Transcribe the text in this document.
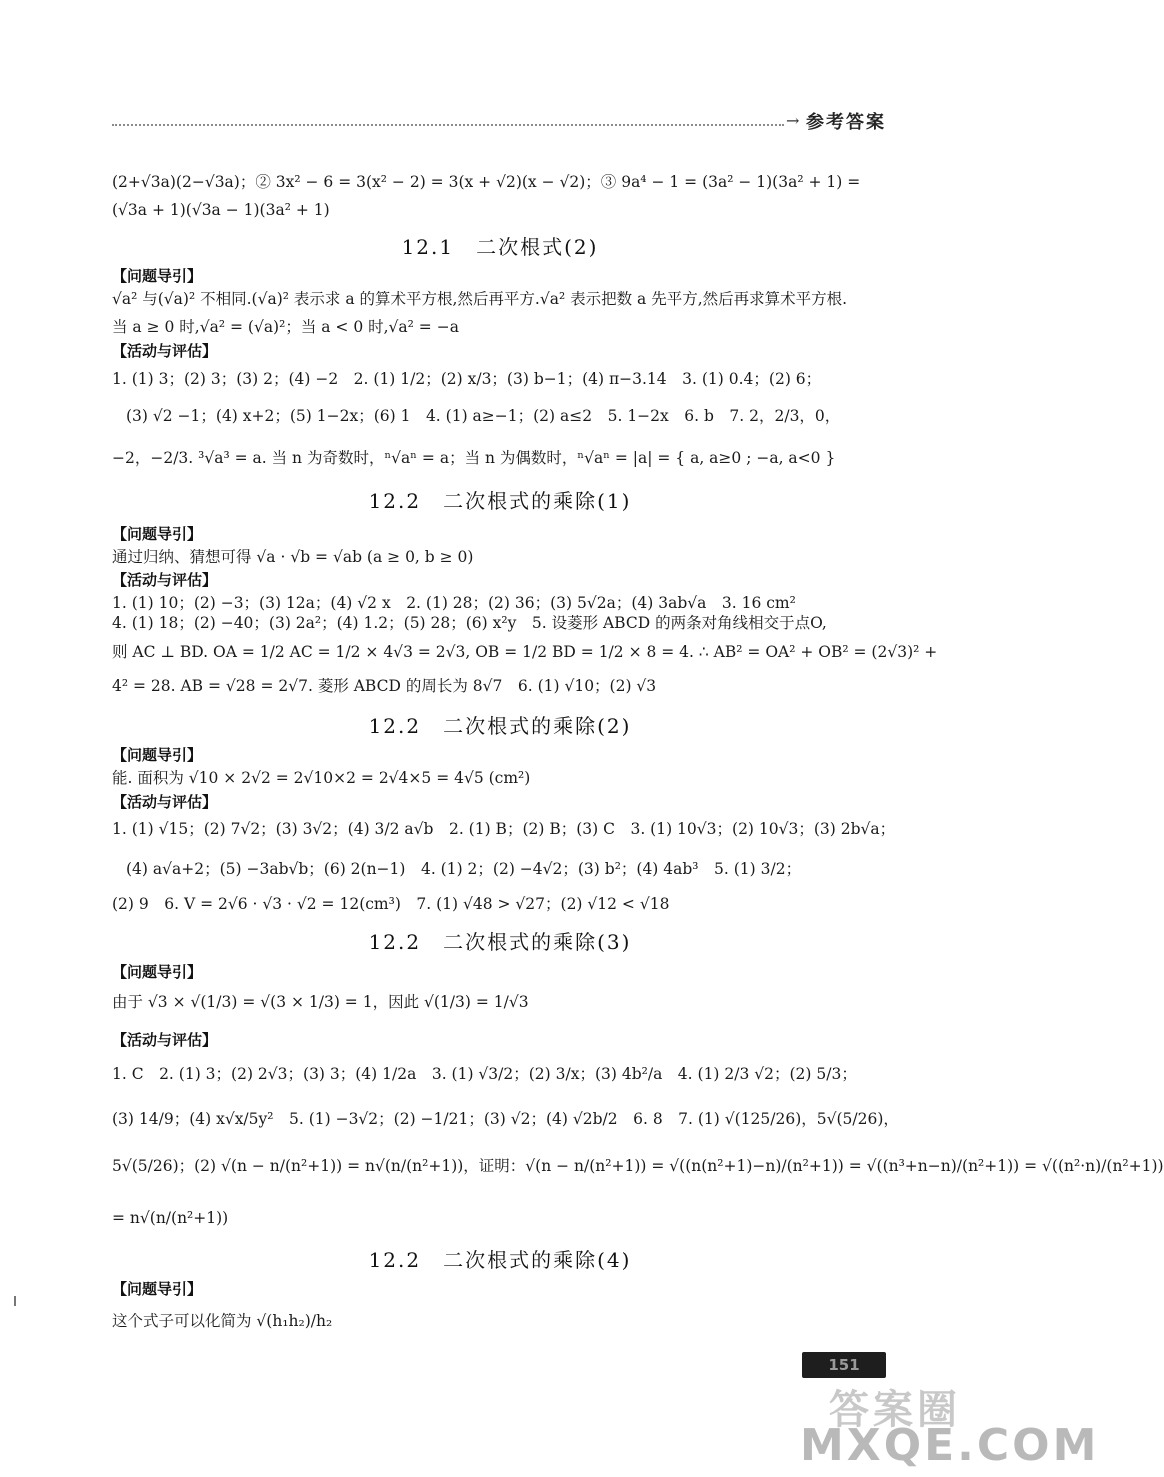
→ 参考答案
(2+√3a)(2−√3a)；② 3x² − 6 = 3(x² − 2) = 3(x + √2)(x − √2)；③ 9a⁴ − 1 = (3a² − 1)(3a² + 1) =
(√3a + 1)(√3a − 1)(3a² + 1)
12.1　二次根式(2)
【问题导引】
√a² 与(√a)² 不相同.(√a)² 表示求 a 的算术平方根,然后再平方.√a² 表示把数 a 先平方,然后再求算术平方根.
当 a ≥ 0 时,√a² = (√a)²；当 a < 0 时,√a² = −a
【活动与评估】
1. (1) 3；(2) 3；(3) 2；(4) −2　2. (1) 1/2；(2) x/3；(3) b−1；(4) π−3.14　3. (1) 0.4；(2) 6；
(3) √2 −1；(4) x+2；(5) 1−2x；(6) 1　4. (1) a≥−1；(2) a≤2　5. 1−2x　6. b　7. 2，2/3，0，
−2，−2/3. ³√a³ = a. 当 n 为奇数时，ⁿ√aⁿ = a；当 n 为偶数时，ⁿ√aⁿ = |a| = { a, a≥0 ; −a, a<0 }
12.2　二次根式的乘除(1)
【问题导引】
通过归纳、猜想可得 √a · √b = √ab (a ≥ 0, b ≥ 0)
【活动与评估】
1. (1) 10；(2) −3；(3) 12a；(4) √2 x　2. (1) 28；(2) 36；(3) 5√2a；(4) 3ab√a　3. 16 cm²
4. (1) 18；(2) −40；(3) 2a²；(4) 1.2；(5) 28；(6) x²y　5. 设菱形 ABCD 的两条对角线相交于点O,
则 AC ⊥ BD. OA = 1/2 AC = 1/2 × 4√3 = 2√3, OB = 1/2 BD = 1/2 × 8 = 4. ∴ AB² = OA² + OB² = (2√3)² +
4² = 28. AB = √28 = 2√7. 菱形 ABCD 的周长为 8√7　6. (1) √10；(2) √3
12.2　二次根式的乘除(2)
【问题导引】
能. 面积为 √10 × 2√2 = 2√10×2 = 2√4×5 = 4√5 (cm²)
【活动与评估】
1. (1) √15；(2) 7√2；(3) 3√2；(4) 3/2 a√b　2. (1) B；(2) B；(3) C　3. (1) 10√3；(2) 10√3；(3) 2b√a；
(4) a√a+2；(5) −3ab√b；(6) 2(n−1)　4. (1) 2；(2) −4√2；(3) b²；(4) 4ab³　5. (1) 3/2；
(2) 9　6. V = 2√6 · √3 · √2 = 12(cm³)　7. (1) √48 > √27；(2) √12 < √18
12.2　二次根式的乘除(3)
【问题导引】
由于 √3 × √(1/3) = √(3 × 1/3) = 1，因此 √(1/3) = 1/√3
【活动与评估】
1. C　2. (1) 3；(2) 2√3；(3) 3；(4) 1/2a　3. (1) √3/2；(2) 3/x；(3) 4b²/a　4. (1) 2/3 √2；(2) 5/3；
(3) 14/9；(4) x√x/5y²　5. (1) −3√2；(2) −1/21；(3) √2；(4) √2b/2　6. 8　7. (1) √(125/26)，5√(5/26)，
5√(5/26)；(2) √(n − n/(n²+1)) = n√(n/(n²+1))，证明：√(n − n/(n²+1)) = √((n(n²+1)−n)/(n²+1)) = √((n³+n−n)/(n²+1)) = √((n²·n)/(n²+1))
= n√(n/(n²+1))
12.2　二次根式的乘除(4)
【问题导引】
这个式子可以化简为 √(h₁h₂)/h₂
151
答案圈
MXQE.COM
